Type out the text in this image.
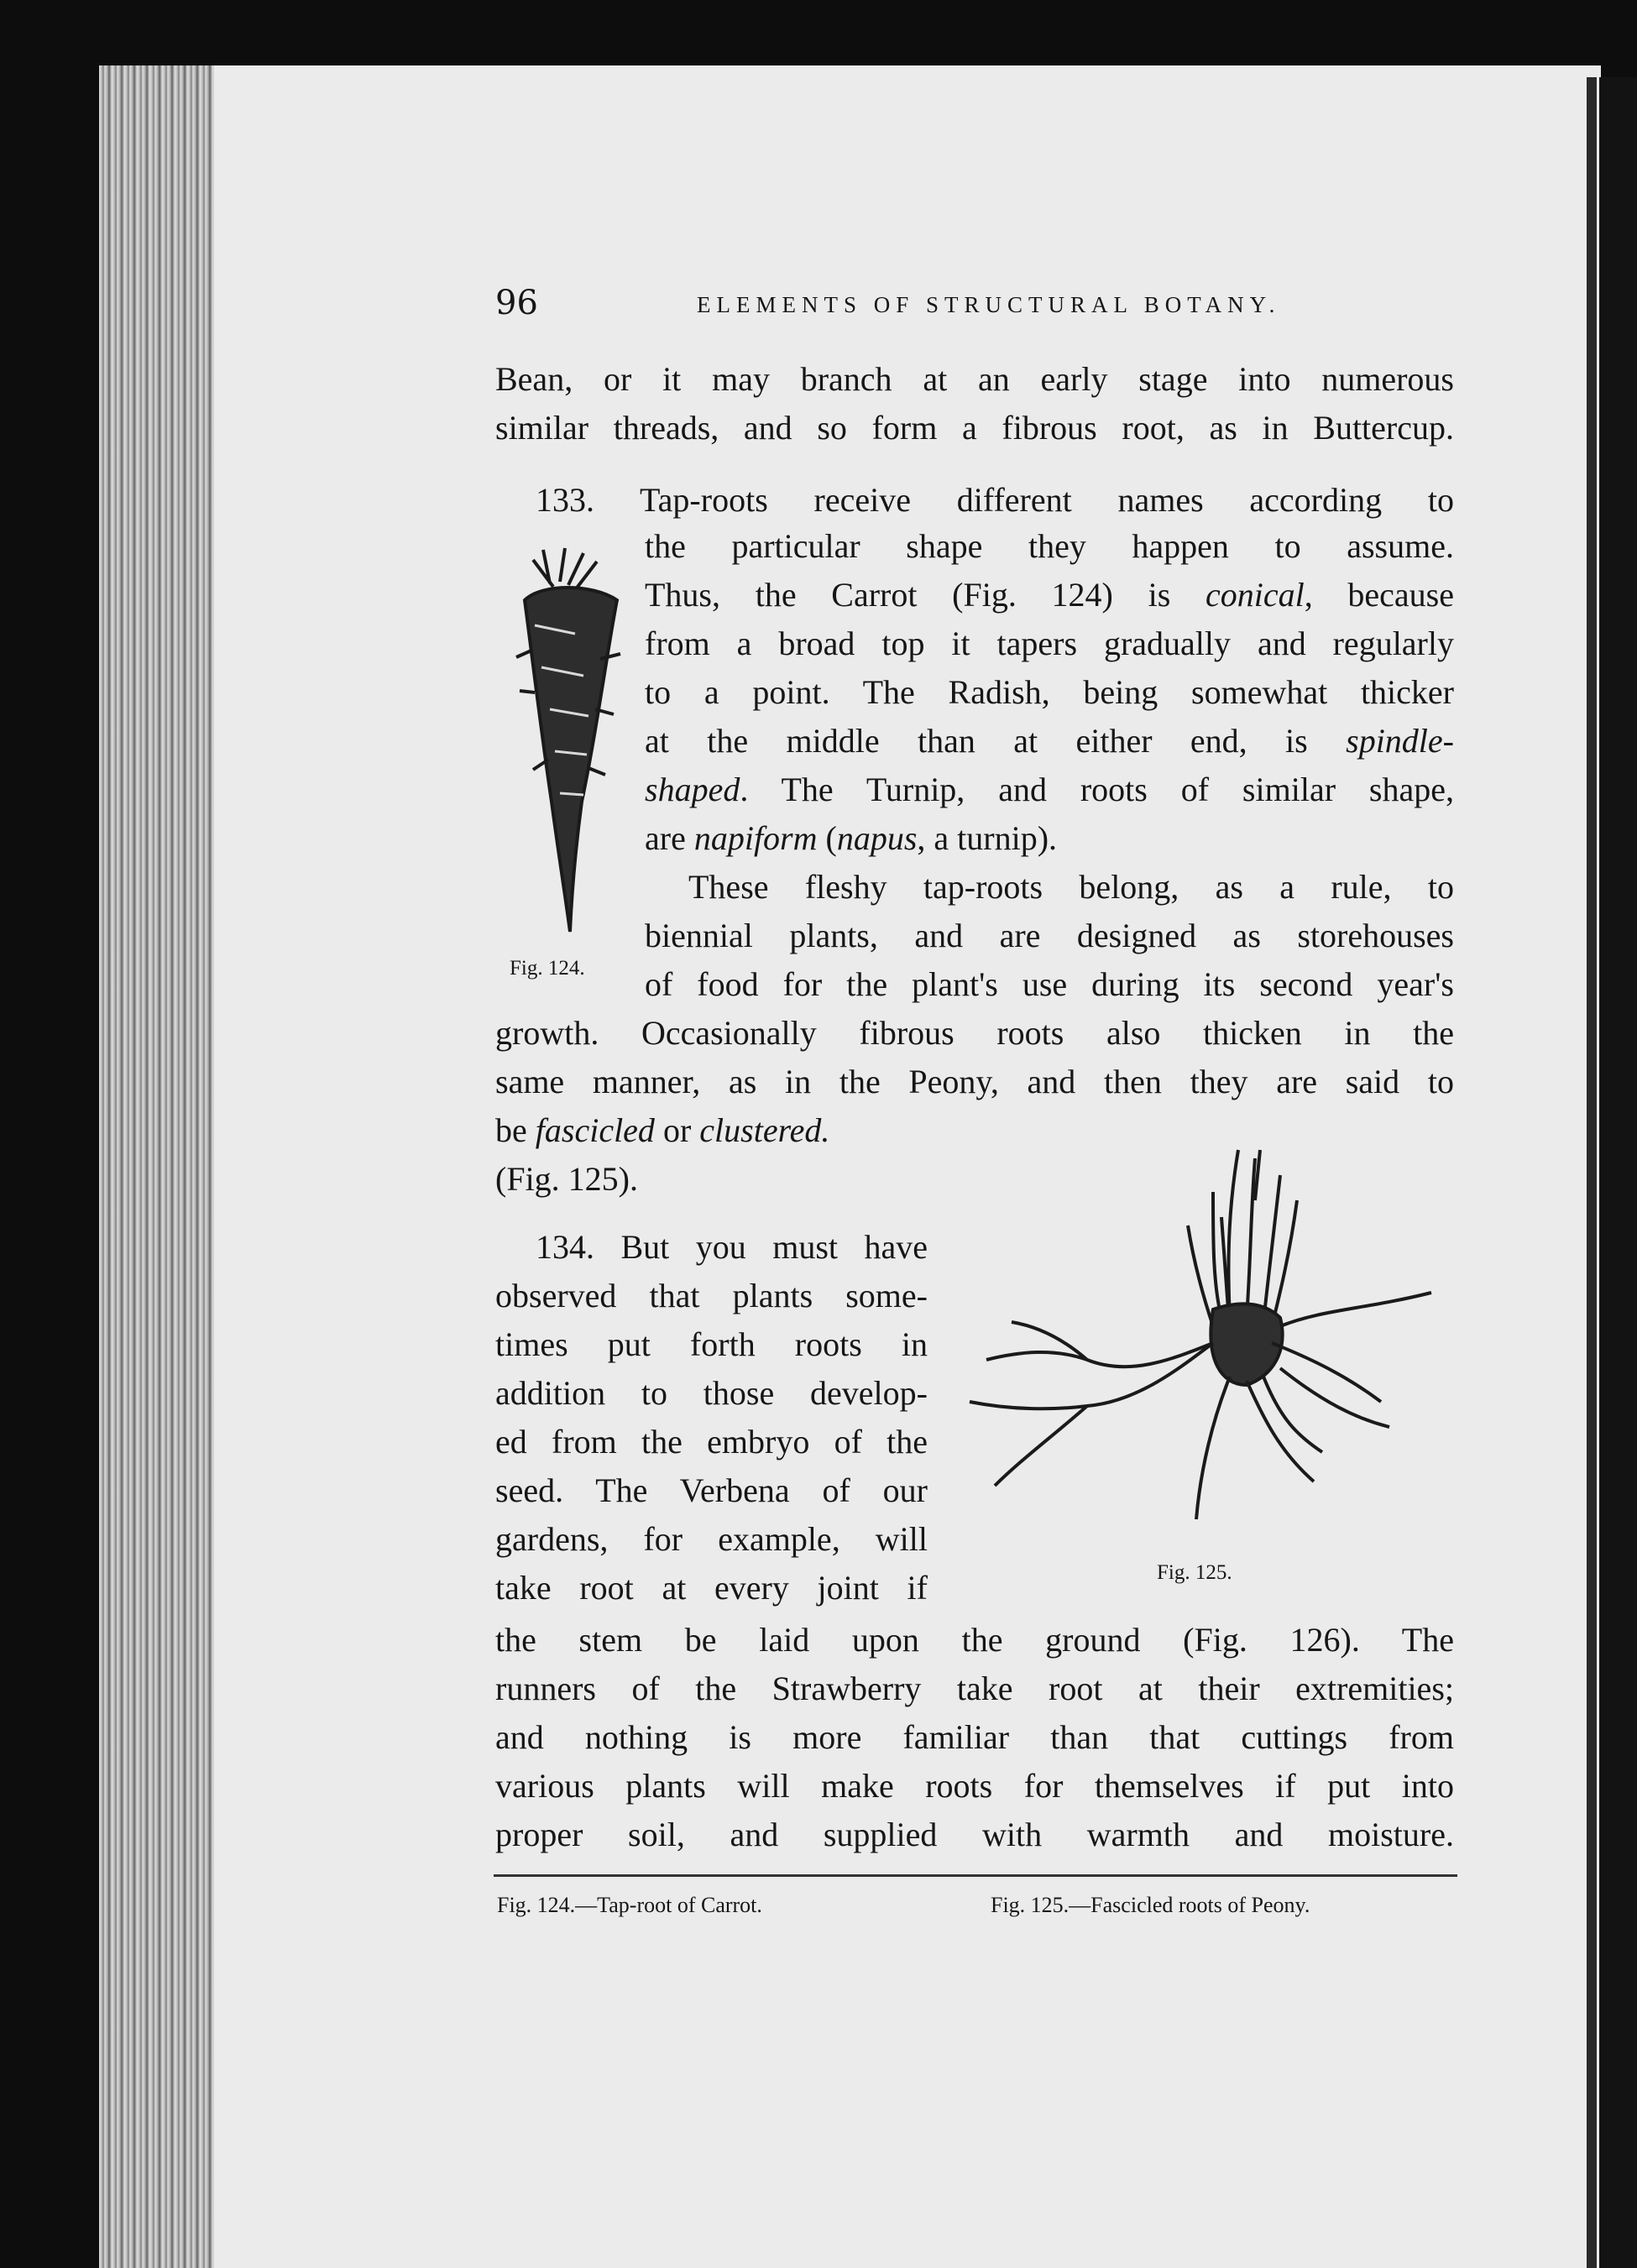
96	ELEMENTS OF STRUCTURAL BOTANY.
Bean, or it may branch at an early stage into numerous
similar threads, and so form a fibrous root, as in Buttercup.
133. Tap-roots receive different names according to
the particular shape they happen to assume.
Thus, the Carrot (Fig. 124) is conical, because
from a broad top it tapers gradually and regularly
to a point. The Radish, being somewhat thicker
at the middle than at either end, is spindle-
shaped. The Turnip, and roots of similar shape,
are napiform (napus, a turnip).
These fleshy tap-roots belong, as a rule, to
biennial plants, and are designed as storehouses
of food for the plant's use during its second year's
growth. Occasionally fibrous roots also thicken in the
same manner, as in the Peony, and then they are said to
be fascicled or clustered.
(Fig. 125).
134. But you must have
observed that plants some-
times put forth roots in
addition to those develop-
ed from the embryo of the
seed. The Verbena of our
gardens, for example, will
take root at every joint if
the stem be laid upon the ground (Fig. 126). The
runners of the Strawberry take root at their extremities;
and nothing is more familiar than that cuttings from
various plants will make roots for themselves if put into
proper soil, and supplied with warmth and moisture.
Fig. 124.
Fig. 125.
Fig. 124.—Tap-root of Carrot.	Fig. 125.—Fascicled roots of Peony.
